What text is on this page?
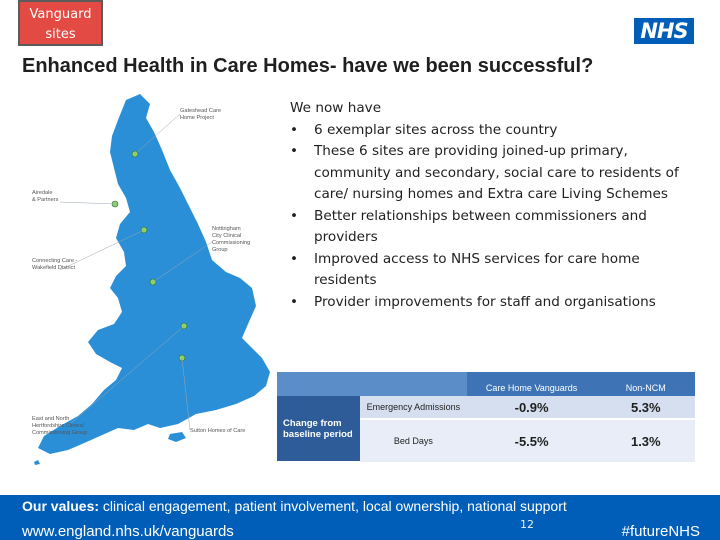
Vanguard
sites	NHS
Enhanced Health in Care Homes- have we been successful?
Gateshead Care Home Project
Airedale & Partners
Nottingham City Clinical Commissioning Group
Connecting Care - Wakefield District
East and North Hertfordshire Clinical Commissioning Group	Sutton Homes of Care

We now have

•	6 exemplar sites across the country
•	These 6 sites are providing joined-up primary, community and secondary, social care to residents of care/ nursing homes and Extra care Living Schemes
•	Better relationships between commissioners and providers
•	Improved access to NHS services for care home residents
•	Provider improvements for staff and organisations
		Care Home Vanguards	Non-NCM
Change from baseline period	Emergency Admissions	-0.9%	5.3%
	Bed Days	-5.5%	1.3%
Our values: clinical engagement, patient involvement, local ownership, national support
www.england.nhs.uk/vanguards	12	#futureNHS
